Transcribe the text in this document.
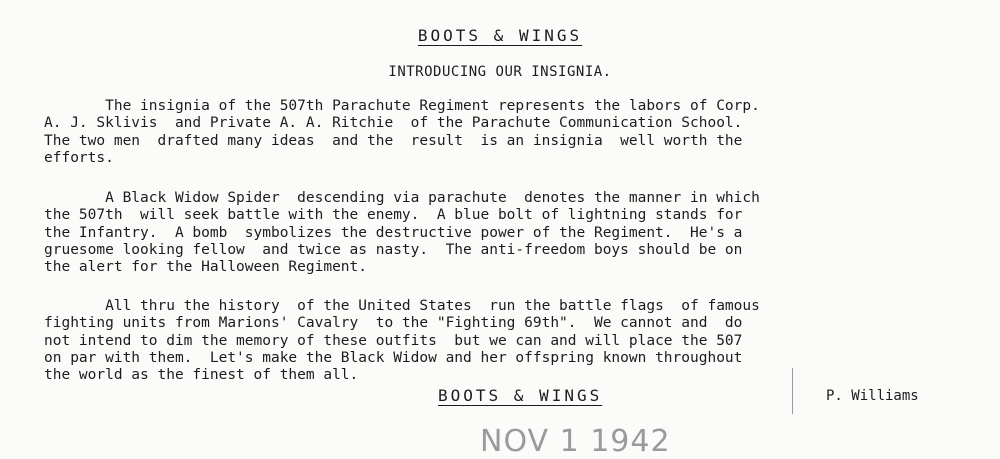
BOOTS & WINGS
INTRODUCING OUR INSIGNIA.
The insignia of the 507th Parachute Regiment represents the labors of Corp.
A. J. Sklivis  and Private A. A. Ritchie  of the Parachute Communication School.
The two men  drafted many ideas  and the  result  is an insignia  well worth the
efforts.
A Black Widow Spider  descending via parachute  denotes the manner in which
the 507th  will seek battle with the enemy.  A blue bolt of lightning stands for
the Infantry.  A bomb  symbolizes the destructive power of the Regiment.  He's a
gruesome looking fellow  and twice as nasty.  The anti-freedom boys should be on
the alert for the Halloween Regiment.
All thru the history  of the United States  run the battle flags  of famous
fighting units from Marions' Cavalry  to the "Fighting 69th".  We cannot and  do
not intend to dim the memory of these outfits  but we can and will place the 507
on par with them.  Let's make the Black Widow and her offspring known throughout
the world as the finest of them all.
BOOTS & WINGS	P. Williams
NOV 1 1942
